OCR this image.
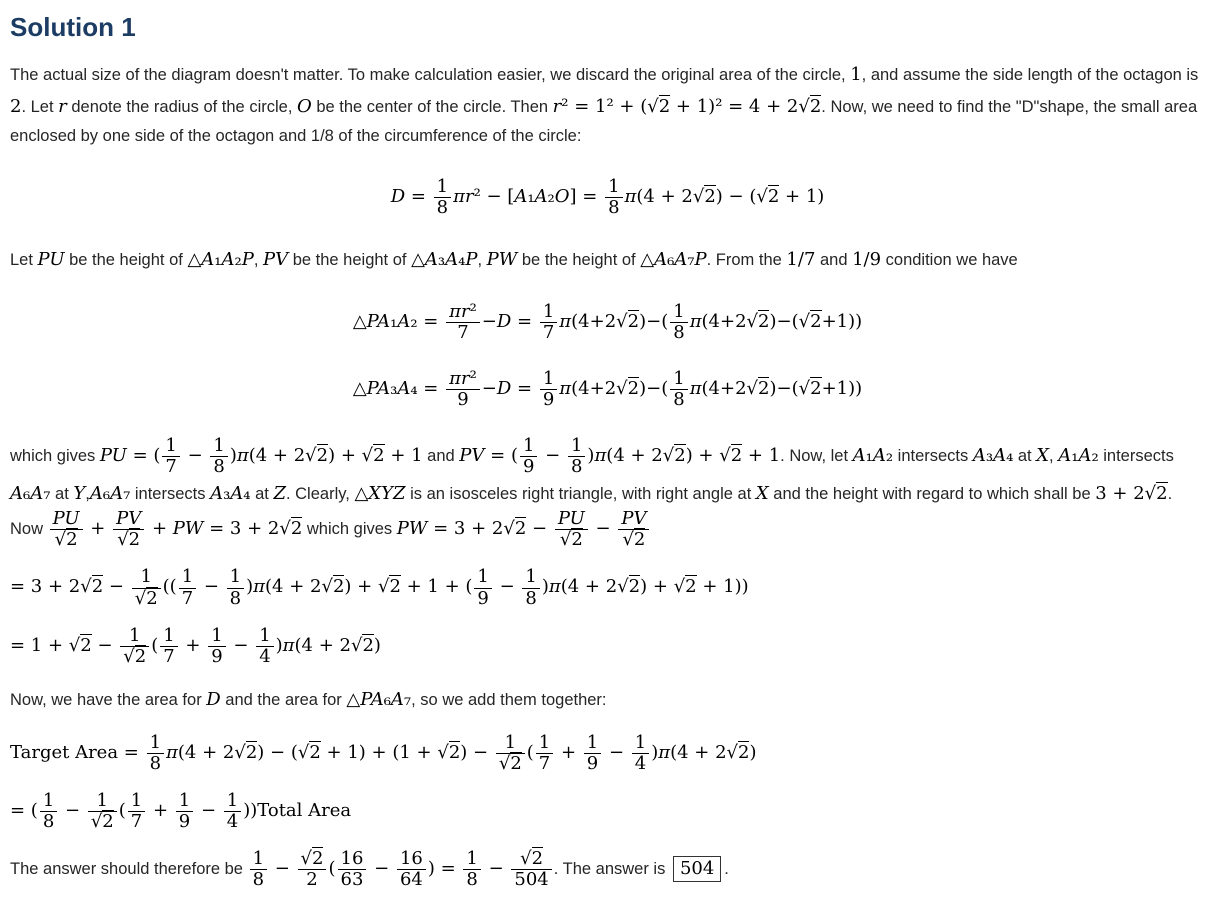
Solution 1
The actual size of the diagram doesn't matter. To make calculation easier, we discard the original area of the circle, 1, and assume the side length of the octagon is 2. Let r denote the radius of the circle, O be the center of the circle. Then r² = 1² + (√2 + 1)² = 4 + 2√2. Now, we need to find the "D"shape, the small area enclosed by one side of the octagon and 1/8 of the circumference of the circle:
$D = \frac{1}{8} \pi r^2 - [A_1A_2O] = \frac{1}{8} \pi(4 + 2√2) - (√2 + 1)$
Let PU be the height of △A₁A₂P, PV be the height of △A₃A₄P, PW be the height of △A₆A₇P. From the 1/7 and 1/9 condition we have
△PA₁A₂ = $\frac{\text{πr²}}{7} -D = \frac{1}{7} \pi(4+2√2)-( \frac{1}{8} \pi(4+2√2)-(√2+1))$
△PA₃A₄ = $\frac{\text{πr²}}{9} -D = \frac{1}{9} \pi(4+2√2)-( \frac{1}{8} \pi(4+2√2)-(√2+1))$
which gives PU = ( $\frac{1}{7} - \frac{1}{8} )\pi(4 + 2√2) + √2 + 1$ and PV = ( $\frac{1}{9} - \frac{1}{8} )\pi(4 + 2√2) + √2 + 1$. Now, let A₁A₂ intersects A₃A₄ at X, A₁A₂ intersects A₆A₇ at Y,A₆A₇ intersects A₃A₄ at Z. Clearly, △XYZ is an isosceles right triangle, with right angle at X and the height with regard to which shall be 3 + 2√2. Now $\frac{PU}{√2} + \frac{PV}{√2}$ + PW = 3 + 2√2 which gives PW = $3 + 2√2 - \frac{PU}{√2} - \frac{PV}{√2}$
= $3 + 2√2 - \frac{1}{√2}$ (( $\frac{1}{7} - \frac{1}{8} )\pi(4 + 2√2) + √2 + 1$ + ( $\frac{1}{9} - \frac{1}{8} )\pi(4 + 2√2) + √2 + 1$))
= $1 + √2 - \frac{1}{√2}$ ( $\frac{1}{7} + \frac{1}{9} - \frac{1}{4} )\pi(4 + 2√2)$
Now, we have the area for D and the area for △PA₆A₇, so we add them together:
Target Area = $\frac{1}{8} \pi(4 + 2√2) - (√2 + 1) + (1 + √2) - \frac{1}{√2}$ ( $\frac{1}{7} + \frac{1}{9} - \frac{1}{4} )\pi(4 + 2√2)$
= ( $\frac{1}{8} - \frac{1}{√2}$ ( $\frac{1}{7} + \frac{1}{9} - \frac{1}{4}$ ))Total Area
The answer should therefore be $\frac{1}{8} - \frac{√2}{2}$ ( $\frac{16}{63} - \frac{16}{64}$ ) = $\frac{1}{8} - \frac{√2}{504}$ . The answer is 504 .
